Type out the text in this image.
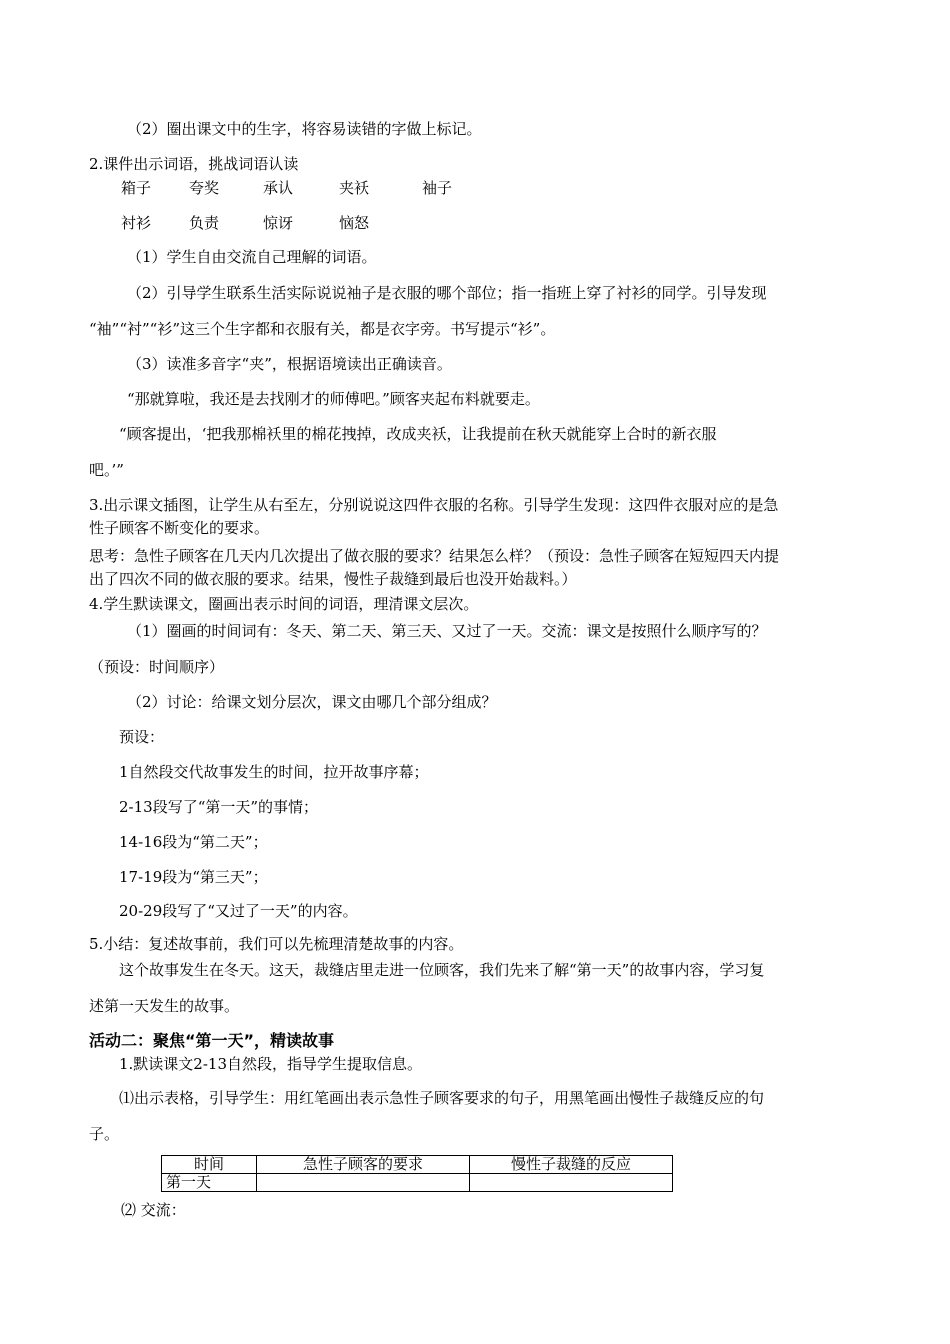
（2）圈出课文中的生字，将容易读错的字做上标记。
2.课件出示词语，挑战词语认读
箱子	夸奖	承认	夹袄	袖子
衬衫	负责	惊讶	恼怒
（1）学生自由交流自己理解的词语。
（2）引导学生联系生活实际说说袖子是衣服的哪个部位；指一指班上穿了衬衫的同学。引导发现
“袖”“衬”“衫”这三个生字都和衣服有关，都是衣字旁。书写提示“衫”。
（3）读准多音字“夹”，根据语境读出正确读音。
“那就算啦，我还是去找刚才的师傅吧。”顾客夹起布料就要走。
“顾客提出，‘把我那棉袄里的棉花拽掉，改成夹袄，让我提前在秋天就能穿上合时的新衣服
吧。’”
3.出示课文插图，让学生从右至左，分别说说这四件衣服的名称。引导学生发现：这四件衣服对应的是急
性子顾客不断变化的要求。
思考：急性子顾客在几天内几次提出了做衣服的要求？结果怎么样？（预设：急性子顾客在短短四天内提
出了四次不同的做衣服的要求。结果，慢性子裁缝到最后也没开始裁料。）
4.学生默读课文，圈画出表示时间的词语，理清课文层次。
（1）圈画的时间词有：冬天、第二天、第三天、又过了一天。交流：课文是按照什么顺序写的？
（预设：时间顺序）
（2）讨论：给课文划分层次，课文由哪几个部分组成？
预设：
1自然段交代故事发生的时间，拉开故事序幕；
2-13段写了“第一天”的事情；
14-16段为“第二天”；
17-19段为“第三天”；
20-29段写了“又过了一天”的内容。
5.小结：复述故事前，我们可以先梳理清楚故事的内容。
这个故事发生在冬天。这天，裁缝店里走进一位顾客，我们先来了解“第一天”的故事内容，学习复
述第一天发生的故事。
活动二：聚焦“第一天”，精读故事
1.默读课文2-13自然段，指导学生提取信息。
⑴出示表格，引导学生：用红笔画出表示急性子顾客要求的句子，用黑笔画出慢性子裁缝反应的句
子。
时间	急性子顾客的要求	慢性子裁缝的反应
第一天		
⑵ 交流：
